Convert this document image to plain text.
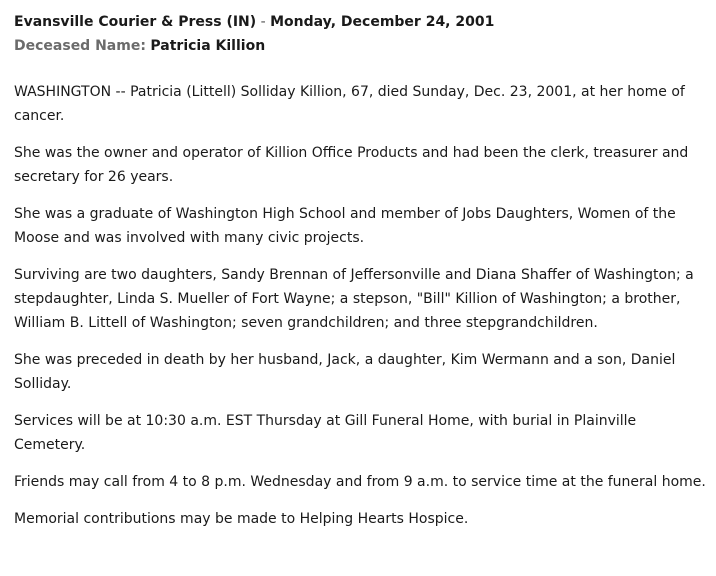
Evansville Courier & Press (IN) - Monday, December 24, 2001

Deceased Name: Patricia Killion

WASHINGTON -- Patricia (Littell) Solliday Killion, 67, died Sunday, Dec. 23, 2001, at her home of cancer.

She was the owner and operator of Killion Office Products and had been the clerk, treasurer and secretary for 26 years.

She was a graduate of Washington High School and member of Jobs Daughters, Women of the Moose and was involved with many civic projects.

Surviving are two daughters, Sandy Brennan of Jeffersonville and Diana Shaffer of Washington; a stepdaughter, Linda S. Mueller of Fort Wayne; a stepson, "Bill" Killion of Washington; a brother, William B. Littell of Washington; seven grandchildren; and three stepgrandchildren.

She was preceded in death by her husband, Jack, a daughter, Kim Wermann and a son, Daniel Solliday.

Services will be at 10:30 a.m. EST Thursday at Gill Funeral Home, with burial in Plainville Cemetery.

Friends may call from 4 to 8 p.m. Wednesday and from 9 a.m. to service time at the funeral home.

Memorial contributions may be made to Helping Hearts Hospice.
